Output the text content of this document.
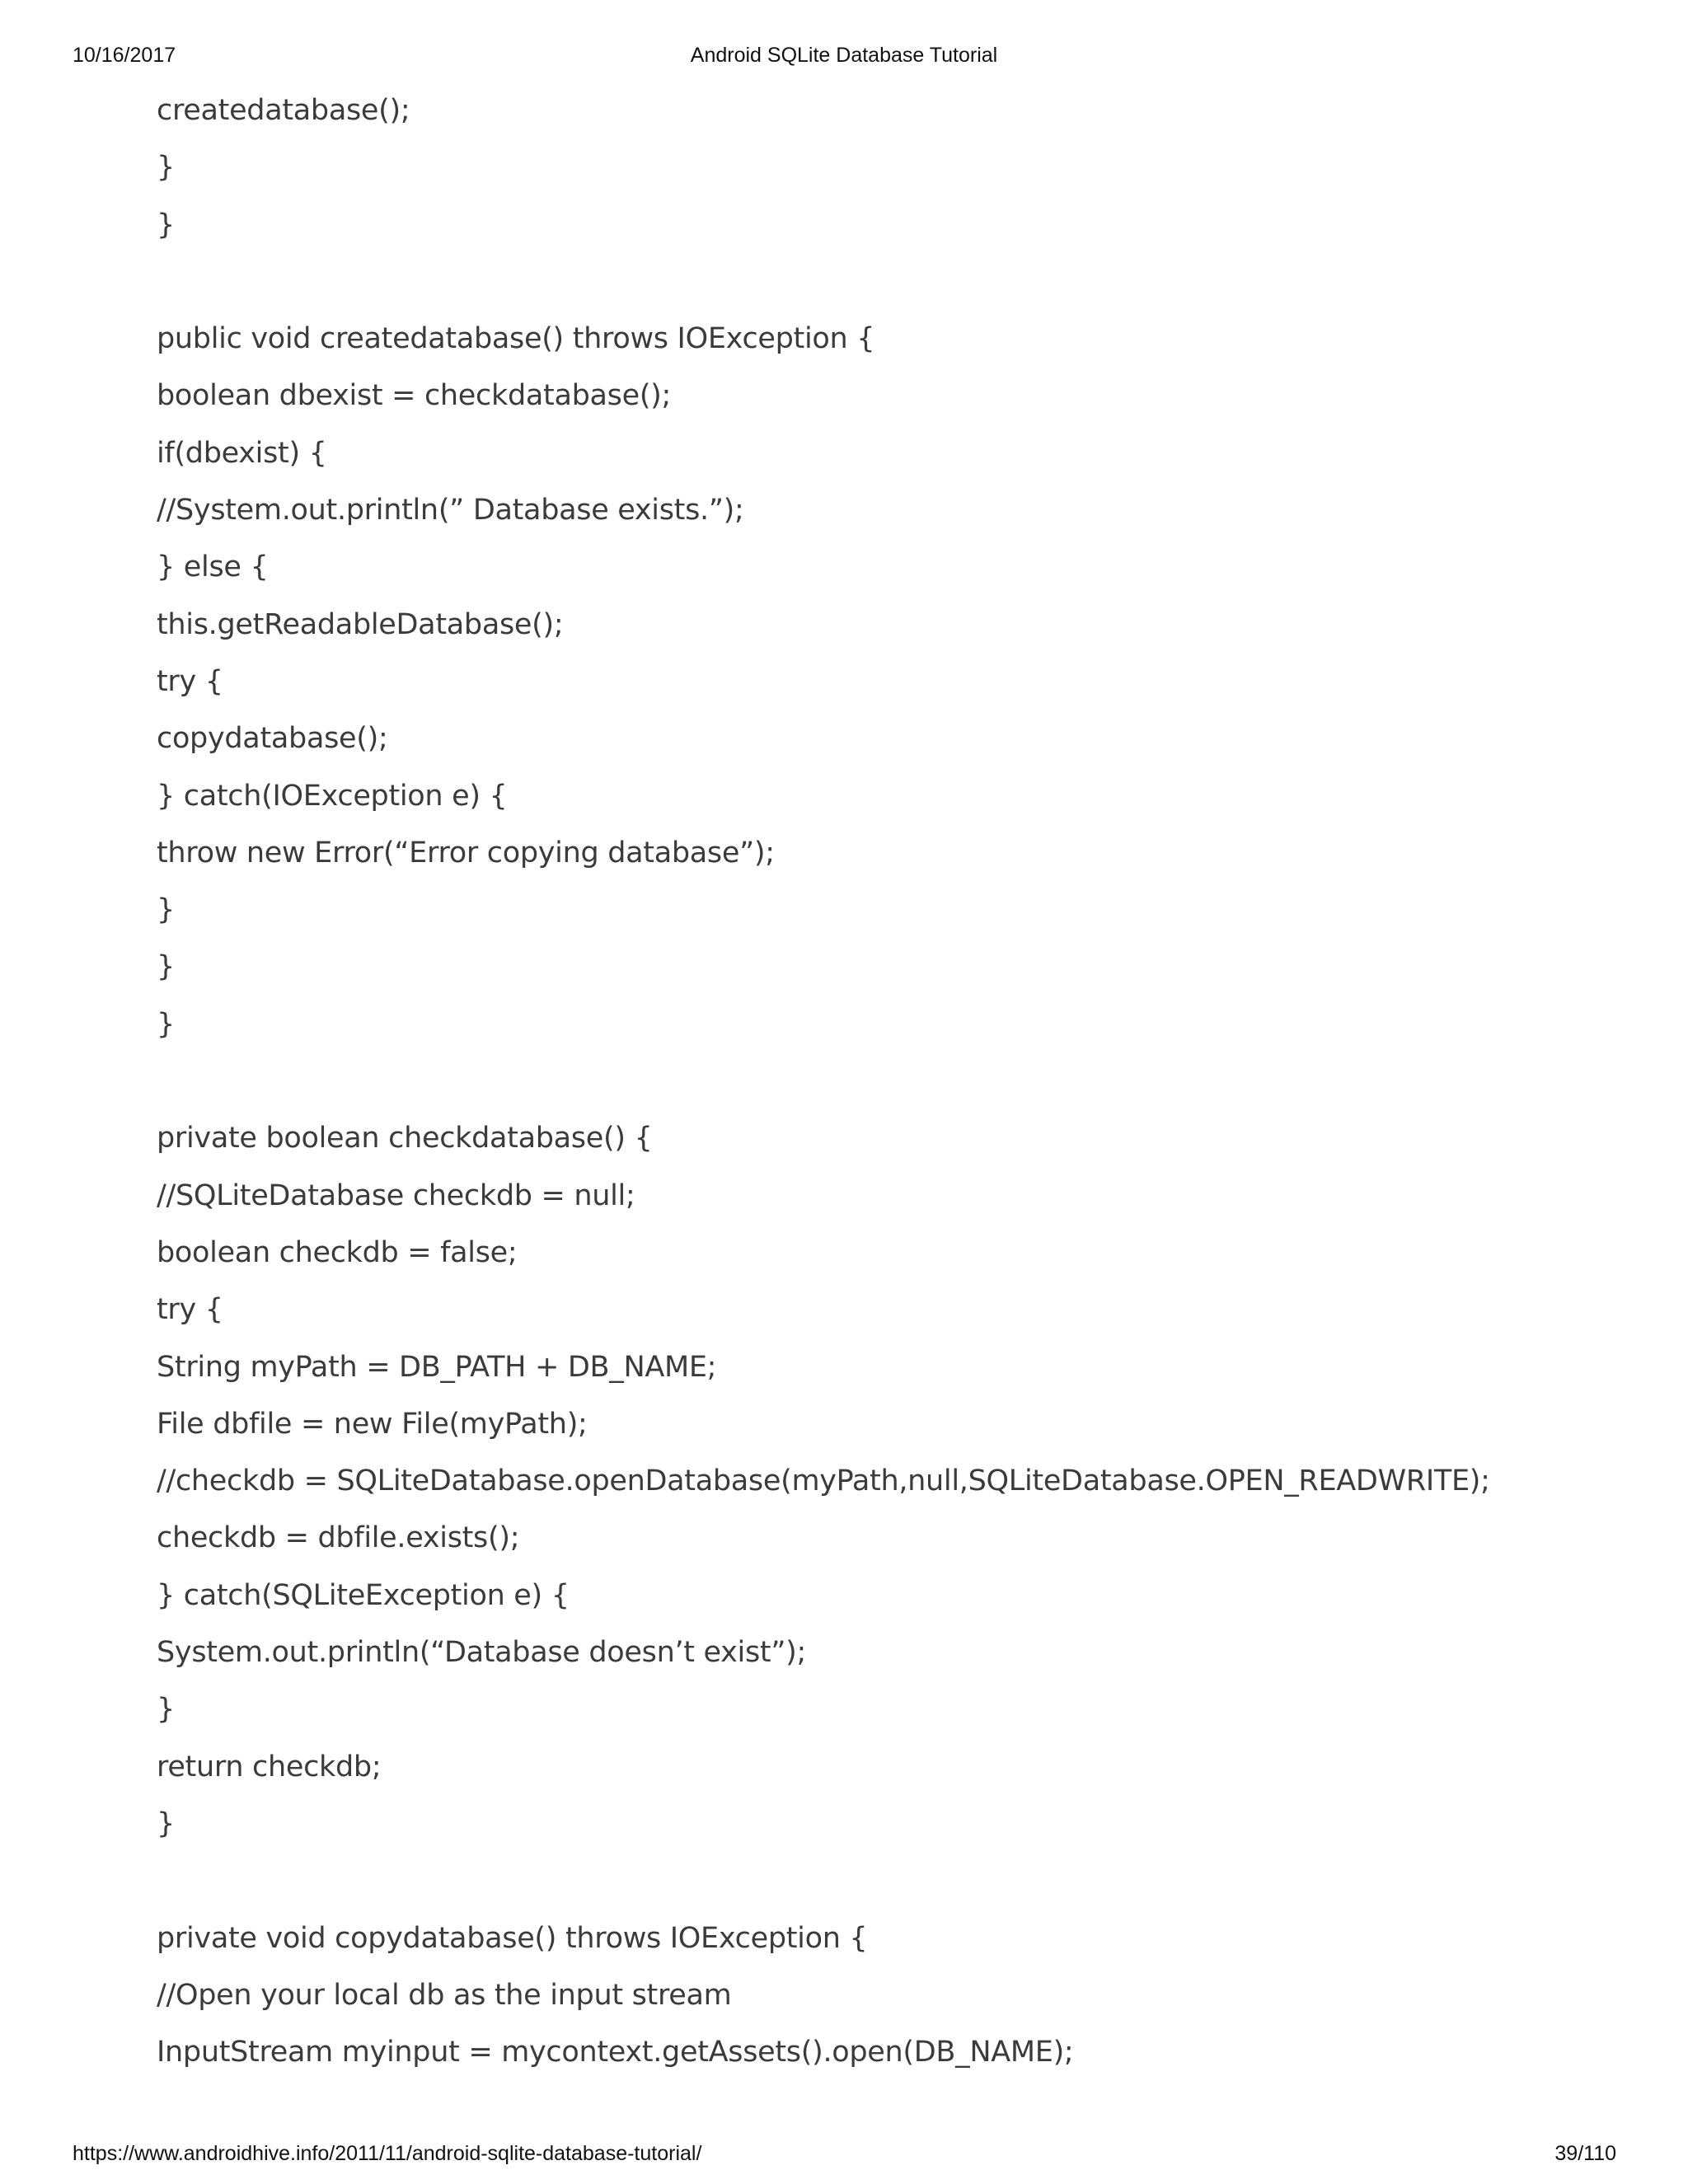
10/16/2017	Android SQLite Database Tutorial
createdatabase();
}
}
public void createdatabase() throws IOException {
boolean dbexist = checkdatabase();
if(dbexist) {
//System.out.println(” Database exists.”);
} else {
this.getReadableDatabase();
try {
copydatabase();
} catch(IOException e) {
throw new Error(“Error copying database”);
}
}
}
private boolean checkdatabase() {
//SQLiteDatabase checkdb = null;
boolean checkdb = false;
try {
String myPath = DB_PATH + DB_NAME;
File dbfile = new File(myPath);
//checkdb = SQLiteDatabase.openDatabase(myPath,null,SQLiteDatabase.OPEN_READWRITE);
checkdb = dbfile.exists();
} catch(SQLiteException e) {
System.out.println(“Database doesn’t exist”);
}
return checkdb;
}
private void copydatabase() throws IOException {
//Open your local db as the input stream
InputStream myinput = mycontext.getAssets().open(DB_NAME);
https://www.androidhive.info/2011/11/android-sqlite-database-tutorial/	39/110
